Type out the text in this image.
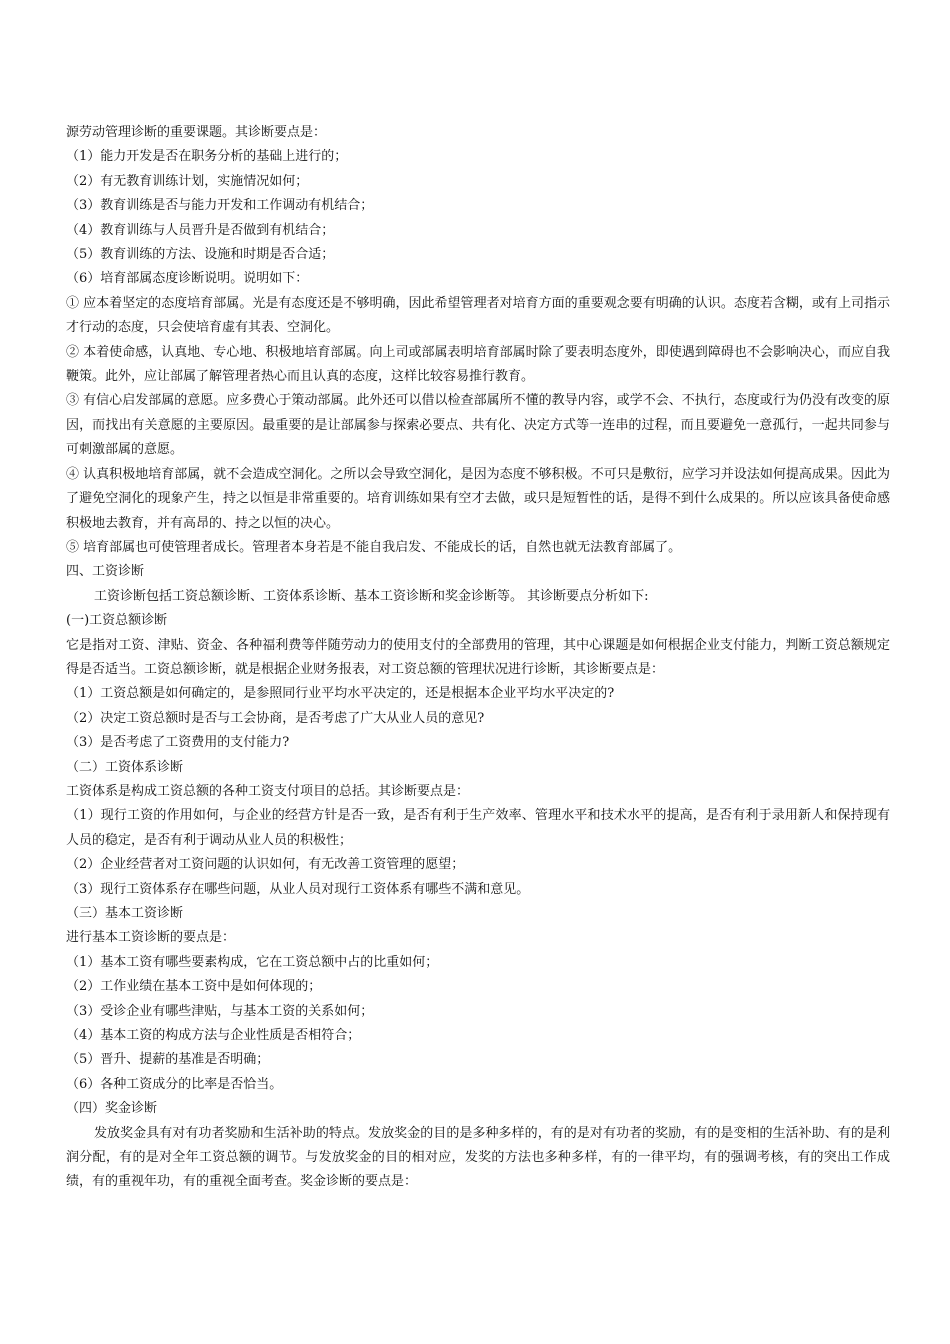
源劳动管理诊断的重要课题。其诊断要点是：

（1）能力开发是否在职务分析的基础上进行的；

（2）有无教育训练计划，实施情况如何；

（3）教育训练是否与能力开发和工作调动有机结合；

（4）教育训练与人员晋升是否做到有机结合；

（5）教育训练的方法、设施和时期是否合适；

（6）培育部属态度诊断说明。说明如下：

① 应本着坚定的态度培育部属。光是有态度还是不够明确，因此希望管理者对培育方面的重要观念要有明确的认识。态度若含糊，或有上司指示才行动的态度，只会使培育虚有其表、空洞化。

② 本着使命感，认真地、专心地、积极地培育部属。向上司或部属表明培育部属时除了要表明态度外，即使遇到障碍也不会影响决心，而应自我鞭策。此外，应让部属了解管理者热心而且认真的态度，这样比较容易推行教育。

③ 有信心启发部属的意愿。应多费心于策动部属。此外还可以借以检查部属所不懂的教导内容，或学不会、不执行，态度或行为仍没有改变的原因，而找出有关意愿的主要原因。最重要的是让部属参与探索必要点、共有化、决定方式等一连串的过程，而且要避免一意孤行，一起共同参与可刺激部属的意愿。

④ 认真积极地培育部属，就不会造成空洞化。之所以会导致空洞化，是因为态度不够积极。不可只是敷衍，应学习并设法如何提高成果。因此为了避免空洞化的现象产生，持之以恒是非常重要的。培育训练如果有空才去做，或只是短暂性的话，是得不到什么成果的。所以应该具备使命感积极地去教育，并有高昂的、持之以恒的决心。

⑤ 培育部属也可使管理者成长。管理者本身若是不能自我启发、不能成长的话，自然也就无法教育部属了。

四、工资诊断

工资诊断包括工资总额诊断、工资体系诊断、基本工资诊断和奖金诊断等。 其诊断要点分析如下:

(一)工资总额诊断

它是指对工资、津贴、资金、各种福利费等伴随劳动力的使用支付的全部费用的管理，其中心课题是如何根据企业支付能力，判断工资总额规定得是否适当。工资总额诊断，就是根据企业财务报表，对工资总额的管理状况进行诊断，其诊断要点是：

（1）工资总额是如何确定的，是参照同行业平均水平决定的，还是根据本企业平均水平决定的?

（2）决定工资总额时是否与工会协商，是否考虑了广大从业人员的意见?

（3）是否考虑了工资费用的支付能力?

（二）工资体系诊断

工资体系是构成工资总额的各种工资支付项目的总括。其诊断要点是：

（1）现行工资的作用如何，与企业的经营方针是否一致，是否有利于生产效率、管理水平和技术水平的提高，是否有利于录用新人和保持现有人员的稳定，是否有利于调动从业人员的积极性；

（2）企业经营者对工资问题的认识如何，有无改善工资管理的愿望；

（3）现行工资体系存在哪些问题，从业人员对现行工资体系有哪些不满和意见。

（三）基本工资诊断

进行基本工资诊断的要点是：

（1）基本工资有哪些要素构成，它在工资总额中占的比重如何；

（2）工作业绩在基本工资中是如何体现的；

（3）受诊企业有哪些津贴，与基本工资的关系如何；

（4）基本工资的构成方法与企业性质是否相符合；

（5）晋升、提薪的基准是否明确；

（6）各种工资成分的比率是否恰当。

（四）奖金诊断

发放奖金具有对有功者奖励和生活补助的特点。发放奖金的目的是多种多样的，有的是对有功者的奖励，有的是变相的生活补助、有的是利润分配，有的是对全年工资总额的调节。与发放奖金的目的相对应，发奖的方法也多种多样，有的一律平均，有的强调考核，有的突出工作成绩，有的重视年功，有的重视全面考查。奖金诊断的要点是：
